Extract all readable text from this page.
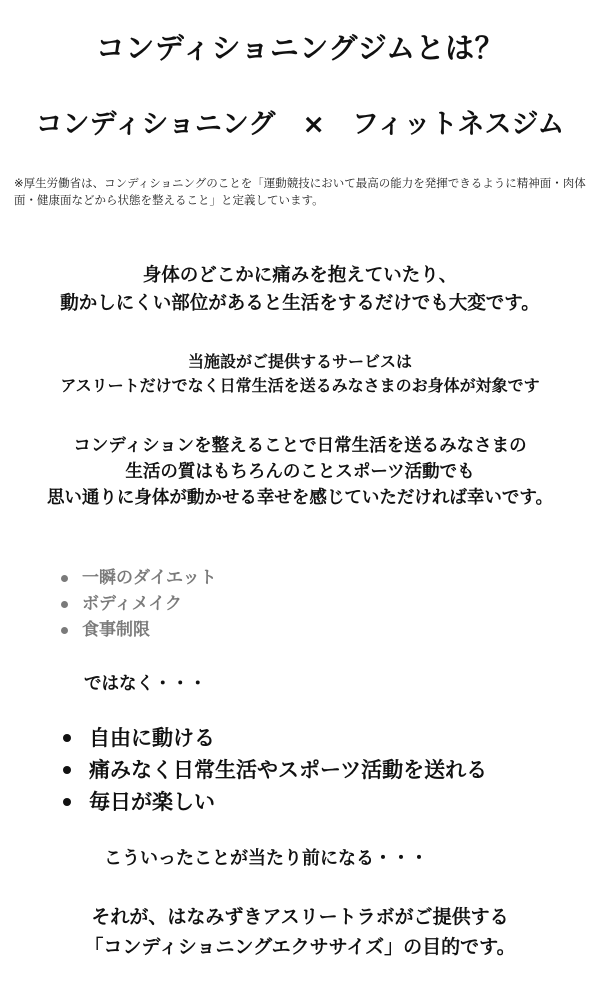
コンディショニングジムとは？
コンディショニング　×　フィットネスジム
※厚生労働省は、コンディショニングのことを「運動競技において最高の能力を発揮できるように精神面・肉体面・健康面などから状態を整えること」と定義しています。
身体のどこかに痛みを抱えていたり、
動かしにくい部位があると生活をするだけでも大変です。
当施設がご提供するサービスは
アスリートだけでなく日常生活を送るみなさまのお身体が対象です
コンディションを整えることで日常生活を送るみなさまの
生活の質はもちろんのことスポーツ活動でも
思い通りに身体が動かせる幸せを感じていただければ幸いです。
一瞬のダイエット
ボディメイク
食事制限
ではなく・・・
自由に動ける
痛みなく日常生活やスポーツ活動を送れる
毎日が楽しい
こういったことが当たり前になる・・・
それが、はなみずきアスリートラボがご提供する
「コンディショニングエクササイズ」の目的です。
